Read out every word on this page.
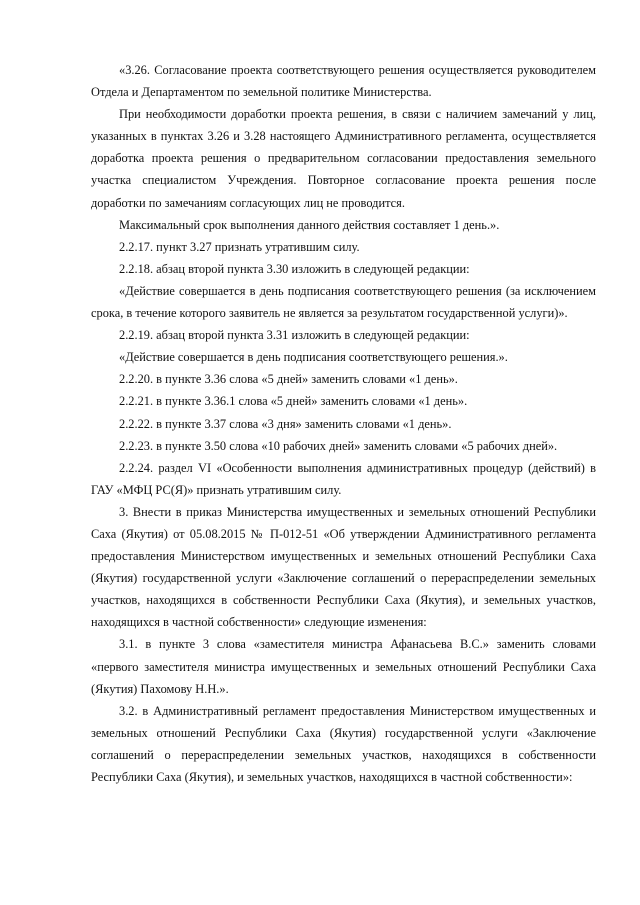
«3.26. Согласование проекта соответствующего решения осуществляется руководителем Отдела и Департаментом по земельной политике Министерства.

При необходимости доработки проекта решения, в связи с наличием замечаний у лиц, указанных в пунктах 3.26 и 3.28 настоящего Административного регламента, осуществляется доработка проекта решения о предварительном согласовании предоставления земельного участка специалистом Учреждения. Повторное согласование проекта решения после доработки по замечаниям согласующих лиц не проводится.

Максимальный срок выполнения данного действия составляет 1 день.».

2.2.17. пункт 3.27 признать утратившим силу.

2.2.18. абзац второй пункта 3.30 изложить в следующей редакции:

«Действие совершается в день подписания соответствующего решения (за исключением срока, в течение которого заявитель не является за результатом государственной услуги)».

2.2.19. абзац второй пункта 3.31 изложить в следующей редакции:

«Действие совершается в день подписания соответствующего решения.».

2.2.20. в пункте 3.36 слова «5 дней» заменить словами «1 день».

2.2.21. в пункте 3.36.1 слова «5 дней» заменить словами «1 день».

2.2.22. в пункте 3.37 слова «3 дня» заменить словами «1 день».

2.2.23. в пункте 3.50 слова «10 рабочих дней» заменить словами «5 рабочих дней».

2.2.24. раздел VI «Особенности выполнения административных процедур (действий) в ГАУ «МФЦ РС(Я)» признать утратившим силу.

3. Внести в приказ Министерства имущественных и земельных отношений Республики Саха (Якутия) от 05.08.2015 № П-012-51 «Об утверждении Административного регламента предоставления Министерством имущественных и земельных отношений Республики Саха (Якутия) государственной услуги «Заключение соглашений о перераспределении земельных участков, находящихся в собственности Республики Саха (Якутия), и земельных участков, находящихся в частной собственности» следующие изменения:

3.1. в пункте 3 слова «заместителя министра Афанасьева В.С.» заменить словами «первого заместителя министра имущественных и земельных отношений Республики Саха (Якутия) Пахомову Н.Н.».

3.2. в Административный регламент предоставления Министерством имущественных и земельных отношений Республики Саха (Якутия) государственной услуги «Заключение соглашений о перераспределении земельных участков, находящихся в собственности Республики Саха (Якутия), и земельных участков, находящихся в частной собственности»:
